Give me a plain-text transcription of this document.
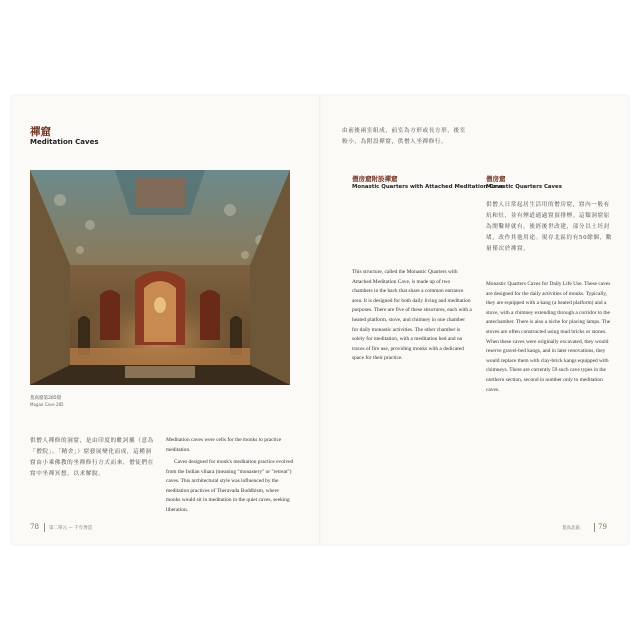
禪窟
Meditation Caves
莫高窟第285窟
Mogao Cave 285

供僧人禪修的洞窟，是由印度的毗訶羅（意為「僧院」、「精舍」）窟發展變化而成，這種洞窟由小乘佛教的坐禪修行方式而來，僧徒們在窟中坐禪冥想，以求解脫。

Meditation caves were cells for the monks to practice meditation.

Caves designed for monk's meditation practice evolved from the Indian vihara (meaning "monastery" or "retreat") caves. This architectural style was influenced by the meditation practices of Theravada Buddhism, where monks would sit in meditation in the quiet caves, seeking liberation.

78 第二單元 — 千年營造

由前後兩室組成，前室為方形或長方形，後室較小，為附設禪窟，供僧人坐禪修行。

僧房窟附設禪窟
Monastic Quarters with Attached Meditation Cave

This structure, called the Monastic Quarters with Attached Meditation Cave, is made up of two chambers in the back that share a common entrance area. It is designed for both daily living and meditation purposes. There are five of these structures, each with a heated platform, stove, and chimney in one chamber for daily monastic activities. The other chamber is solely for meditation, with a meditation bed and no traces of fire use, providing monks with a dedicated space for their practice.

僧房窟
Monastic Quarters Caves

供僧人日常起居生活用的僧房窟，窟內一般有炕和灶，並有煙道通過窟頂排煙。這類洞窟原為開鑿時就有，後經後世改建，部分以土坯封堵，改作其他用途。現存北區約有50餘個，數量僅次於禪窟。

Monastic Quarters Caves for Daily Life Use. These caves are designed for the daily activities of monks. Typically, they are equipped with a kang (a heated platform) and a stove, with a chimney extending through a corridor to the antechamber. There is also a niche for placing lamps. The stoves are often constructed using mud bricks or stones. When these caves were originally excavated, they would reserve gravel-bed kangs, and in later renovations, they would replace them with clay-brick kangs equipped with chimneys. There are currently 59 such cave types in the northern section, second in number only to meditation caves.

莫高北區	79
